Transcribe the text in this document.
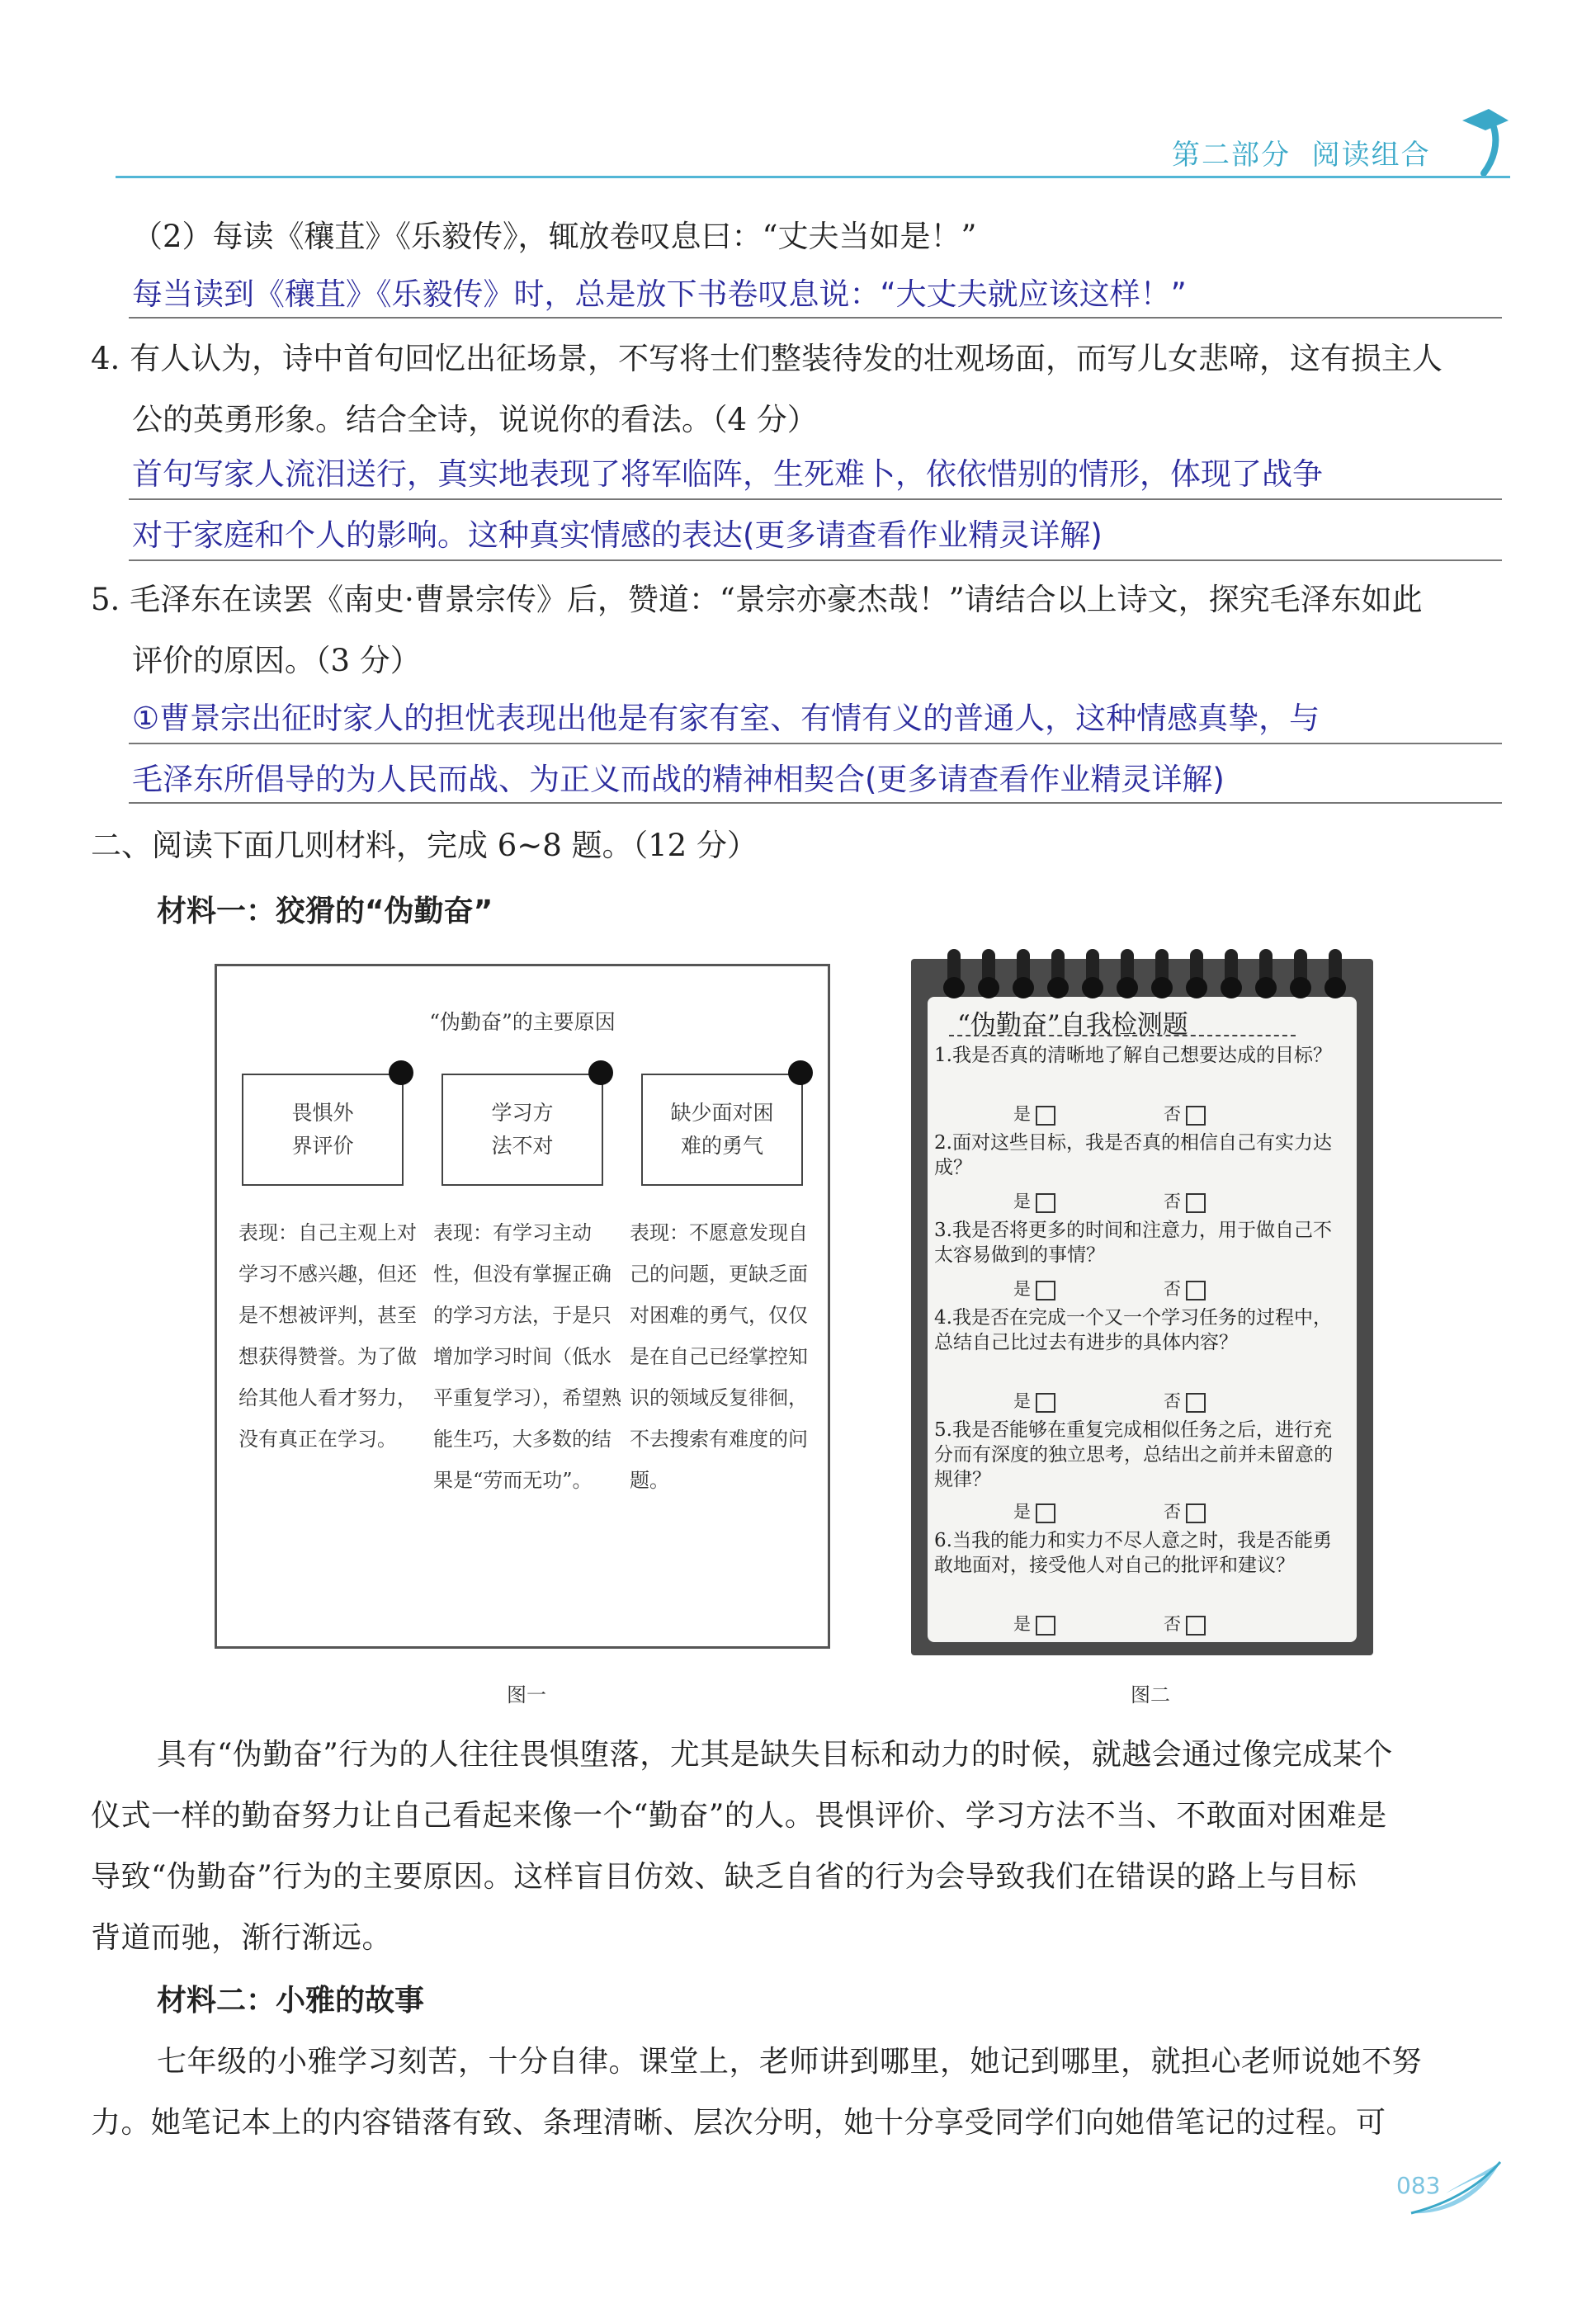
第二部分 阅读组合
（2）每读《穰苴》《乐毅传》，辄放卷叹息曰：“丈夫当如是！”
每当读到《穰苴》《乐毅传》时，总是放下书卷叹息说：“大丈夫就应该这样！”
4. 有人认为，诗中首句回忆出征场景，不写将士们整装待发的壮观场面，而写儿女悲啼，这有损主人
公的英勇形象。结合全诗，说说你的看法。（4 分）
首句写家人流泪送行，真实地表现了将军临阵，生死难卜，依依惜别的情形，体现了战争
对于家庭和个人的影响。这种真实情感的表达(更多请查看作业精灵详解)
5. 毛泽东在读罢《南史·曹景宗传》后，赞道：“景宗亦豪杰哉！”请结合以上诗文，探究毛泽东如此
评价的原因。（3 分）
①曹景宗出征时家人的担忧表现出他是有家有室、有情有义的普通人，这种情感真挚，与
毛泽东所倡导的为人民而战、为正义而战的精神相契合(更多请查看作业精灵详解)
二、阅读下面几则材料，完成 6~8 题。（12 分）
材料一：狡猾的“伪勤奋”
“伪勤奋”的主要原因
畏惧外
界评价
学习方
法不对
缺少面对困
难的勇气
表现：自己主观上对学习不感兴趣，但还是不想被评判，甚至想获得赞誉。为了做给其他人看才努力，没有真正在学习。
表现：有学习主动性，但没有掌握正确的学习方法，于是只增加学习时间（低水平重复学习），希望熟能生巧，大多数的结果是“劳而无功”。
表现：不愿意发现自己的问题，更缺乏面对困难的勇气，仅仅是在自己已经掌控知识的领域反复徘徊，不去搜索有难度的问题。
图一
“伪勤奋”自我检测题
1.我是否真的清晰地了解自己想要达成的目标？
是	否
2.面对这些目标，我是否真的相信自己有实力达成？
是	否
3.我是否将更多的时间和注意力，用于做自己不太容易做到的事情？
是	否
4.我是否在完成一个又一个学习任务的过程中，总结自己比过去有进步的具体内容？
是	否
5.我是否能够在重复完成相似任务之后，进行充分而有深度的独立思考，总结出之前并未留意的规律？
是	否
6.当我的能力和实力不尽人意之时，我是否能勇敢地面对，接受他人对自己的批评和建议？
是	否
图二
具有“伪勤奋”行为的人往往畏惧堕落，尤其是缺失目标和动力的时候，就越会通过像完成某个
仪式一样的勤奋努力让自己看起来像一个“勤奋”的人。畏惧评价、学习方法不当、不敢面对困难是
导致“伪勤奋”行为的主要原因。这样盲目仿效、缺乏自省的行为会导致我们在错误的路上与目标
背道而驰，渐行渐远。
材料二：小雅的故事
七年级的小雅学习刻苦，十分自律。课堂上，老师讲到哪里，她记到哪里，就担心老师说她不努
力。她笔记本上的内容错落有致、条理清晰、层次分明，她十分享受同学们向她借笔记的过程。可
083
